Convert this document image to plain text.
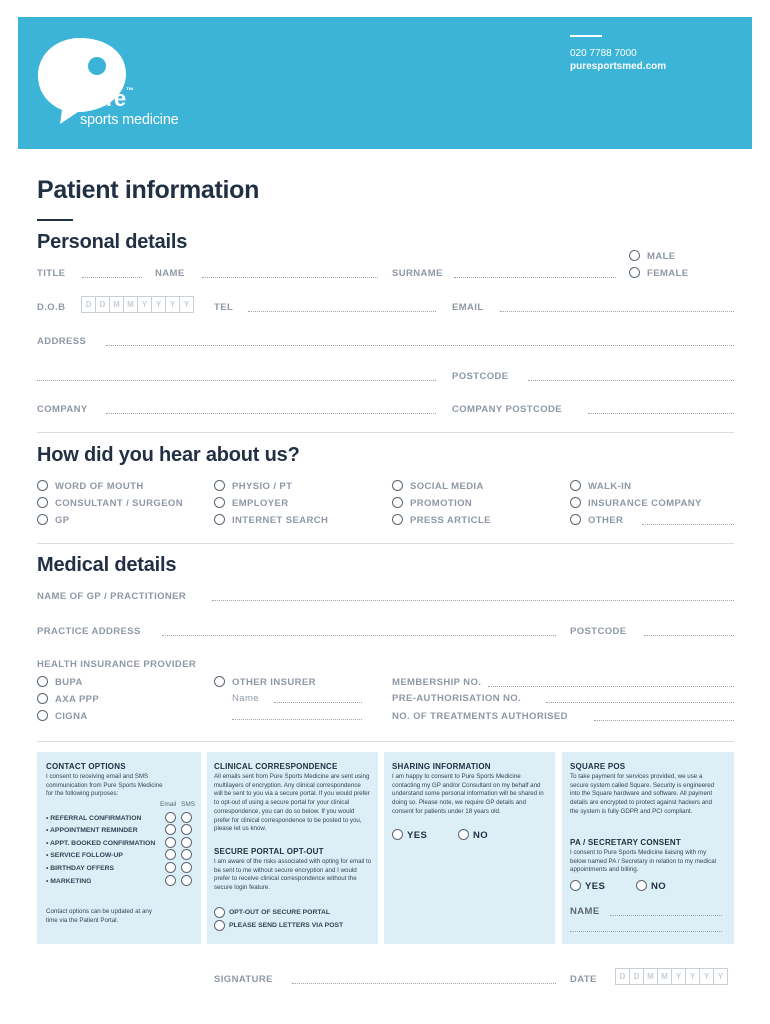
pure™
sports medicine
020 7788 7000
puresportsmed.com
Patient information
Personal details
MALE
FEMALE
TITLE	NAME	SURNAME
D.O.B	D	D M M	Y	Y	Y	Y	TEL	EMAIL
ADDRESS
POSTCODE
COMPANY	COMPANY POSTCODE
How did you hear about us?
WORD OF MOUTH
CONSULTANT / SURGEON
GP
PHYSIO / PT
EMPLOYER
INTERNET SEARCH
SOCIAL MEDIA
PROMOTION
PRESS ARTICLE
WALK-IN
INSURANCE COMPANY
OTHER
Medical details
NAME OF GP / PRACTITIONER
PRACTICE ADDRESS	POSTCODE
HEALTH INSURANCE PROVIDER
BUPA
AXA PPP
CIGNA
OTHER INSURER
Name
MEMBERSHIP NO.
PRE-AUTHORISATION NO.
NO. OF TREATMENTS AUTHORISED
CONTACT OPTIONS
I consent to receiving email and SMS communication from Pure Sports Medicine for the following purposes:
Email SMS
• REFERRAL CONFIRMATION
• APPOINTMENT REMINDER
• APPT. BOOKED CONFIRMATION
• SERVICE FOLLOW-UP
• BIRTHDAY OFFERS
• MARKETING
Contact options can be updated at any time via the Patient Portal.
CLINICAL CORRESPONDENCE
All emails sent from Pure Sports Medicine are sent using multilayers of encryption. Any clinical correspondence will be sent to you via a secure portal. If you would prefer to opt-out of using a secure portal for your clinical correspondence, you can do so below. If you would prefer for clinical correspondence to be posted to you, please let us know.
SECURE PORTAL OPT-OUT
I am aware of the risks associated with opting for email to be sent to me without secure encryption and I would prefer to receive clinical correspondence without the secure login feature.
OPT-OUT OF SECURE PORTAL
PLEASE SEND LETTERS VIA POST
SHARING INFORMATION
I am happy to consent to Pure Sports Medicine contacting my GP and/or Consultant on my behalf and understand some personal information will be shared in doing so. Please note, we require GP details and consent for patients under 18 years old.
YES	NO
SQUARE POS
To take payment for services provided, we use a secure system called Square. Security is engineered into the Square hardware and software. All payment details are encrypted to protect against hackers and the system is fully GDPR and PCI compliant.
PA / SECRETARY CONSENT
I consent to Pure Sports Medicine liaising with my below named PA / Secretary in relation to my medical appointments and billing.
YES	NO
NAME
SIGNATURE	DATE	D	D M M	Y	Y	Y	Y
